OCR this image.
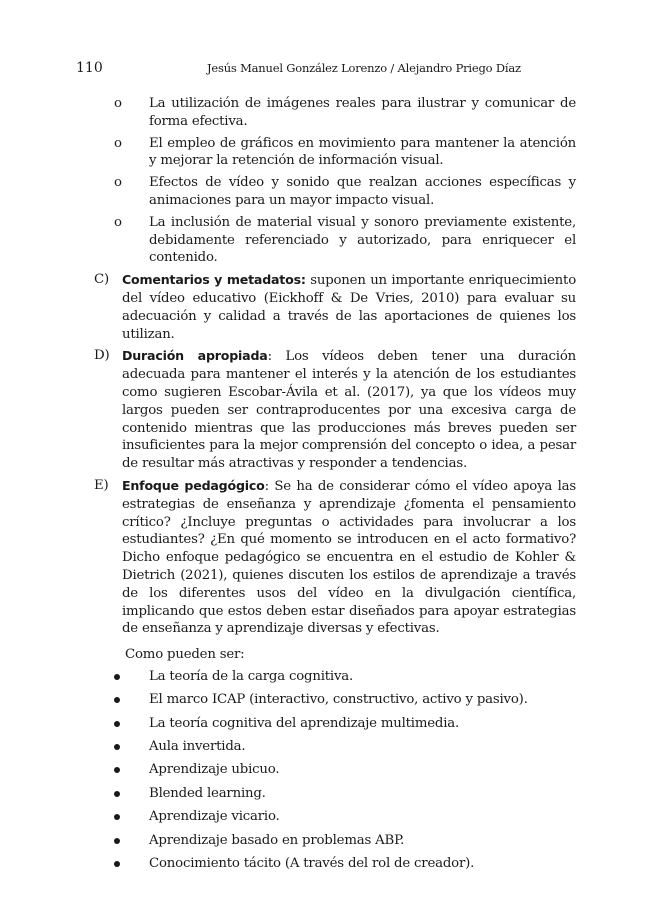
110	Jesús Manuel González Lorenzo / Alejandro Priego Díaz
o La utilización de imágenes reales para ilustrar y comunicar de forma efectiva.
o El empleo de gráficos en movimiento para mantener la atención y mejorar la retención de información visual.
o Efectos de vídeo y sonido que realzan acciones específicas y animaciones para un mayor impacto visual.
o La inclusión de material visual y sonoro previamente existente, debidamente referenciado y autorizado, para enriquecer el contenido.
C) Comentarios y metadatos: suponen un importante enriquecimiento del vídeo educativo (Eickhoff & De Vries, 2010) para evaluar su adecuación y calidad a través de las aportaciones de quienes los utilizan.
D) Duración apropiada: Los vídeos deben tener una duración adecuada para mantener el interés y la atención de los estudiantes como sugieren Escobar-Ávila et al. (2017), ya que los vídeos muy largos pueden ser contraproducentes por una excesiva carga de contenido mientras que las producciones más breves pueden ser insuficientes para la mejor comprensión del concepto o idea, a pesar de resultar más atractivas y responder a tendencias.
E) Enfoque pedagógico: Se ha de considerar cómo el vídeo apoya las estrategias de enseñanza y aprendizaje ¿fomenta el pensamiento crítico? ¿Incluye preguntas o actividades para involucrar a los estudiantes? ¿En qué momento se introducen en el acto formativo? Dicho enfoque pedagógico se encuentra en el estudio de Kohler & Dietrich (2021), quienes discuten los estilos de aprendizaje a través de los diferentes usos del vídeo en la divulgación científica, implicando que estos deben estar diseñados para apoyar estrategias de enseñanza y aprendizaje diversas y efectivas.
Como pueden ser:
La teoría de la carga cognitiva.
El marco ICAP (interactivo, constructivo, activo y pasivo).
La teoría cognitiva del aprendizaje multimedia.
Aula invertida.
Aprendizaje ubicuo.
Blended learning.
Aprendizaje vicario.
Aprendizaje basado en problemas ABP.
Conocimiento tácito (A través del rol de creador).
